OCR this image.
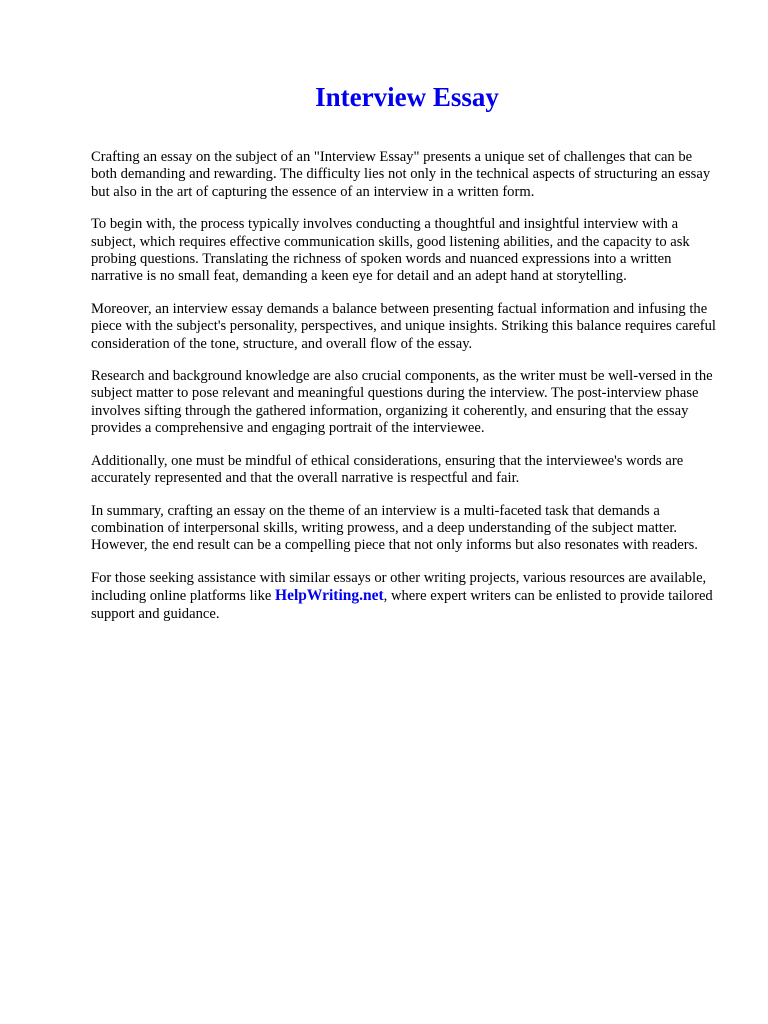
Interview Essay

Crafting an essay on the subject of an "Interview Essay" presents a unique set of challenges that can be both demanding and rewarding. The difficulty lies not only in the technical aspects of structuring an essay but also in the art of capturing the essence of an interview in a written form.

To begin with, the process typically involves conducting a thoughtful and insightful interview with a subject, which requires effective communication skills, good listening abilities, and the capacity to ask probing questions. Translating the richness of spoken words and nuanced expressions into a written narrative is no small feat, demanding a keen eye for detail and an adept hand at storytelling.

Moreover, an interview essay demands a balance between presenting factual information and infusing the piece with the subject's personality, perspectives, and unique insights. Striking this balance requires careful consideration of the tone, structure, and overall flow of the essay.

Research and background knowledge are also crucial components, as the writer must be well-versed in the subject matter to pose relevant and meaningful questions during the interview. The post-interview phase involves sifting through the gathered information, organizing it coherently, and ensuring that the essay provides a comprehensive and engaging portrait of the interviewee.

Additionally, one must be mindful of ethical considerations, ensuring that the interviewee's words are accurately represented and that the overall narrative is respectful and fair.

In summary, crafting an essay on the theme of an interview is a multi-faceted task that demands a combination of interpersonal skills, writing prowess, and a deep understanding of the subject matter. However, the end result can be a compelling piece that not only informs but also resonates with readers.

For those seeking assistance with similar essays or other writing projects, various resources are available, including online platforms like HelpWriting.net, where expert writers can be enlisted to provide tailored support and guidance.
